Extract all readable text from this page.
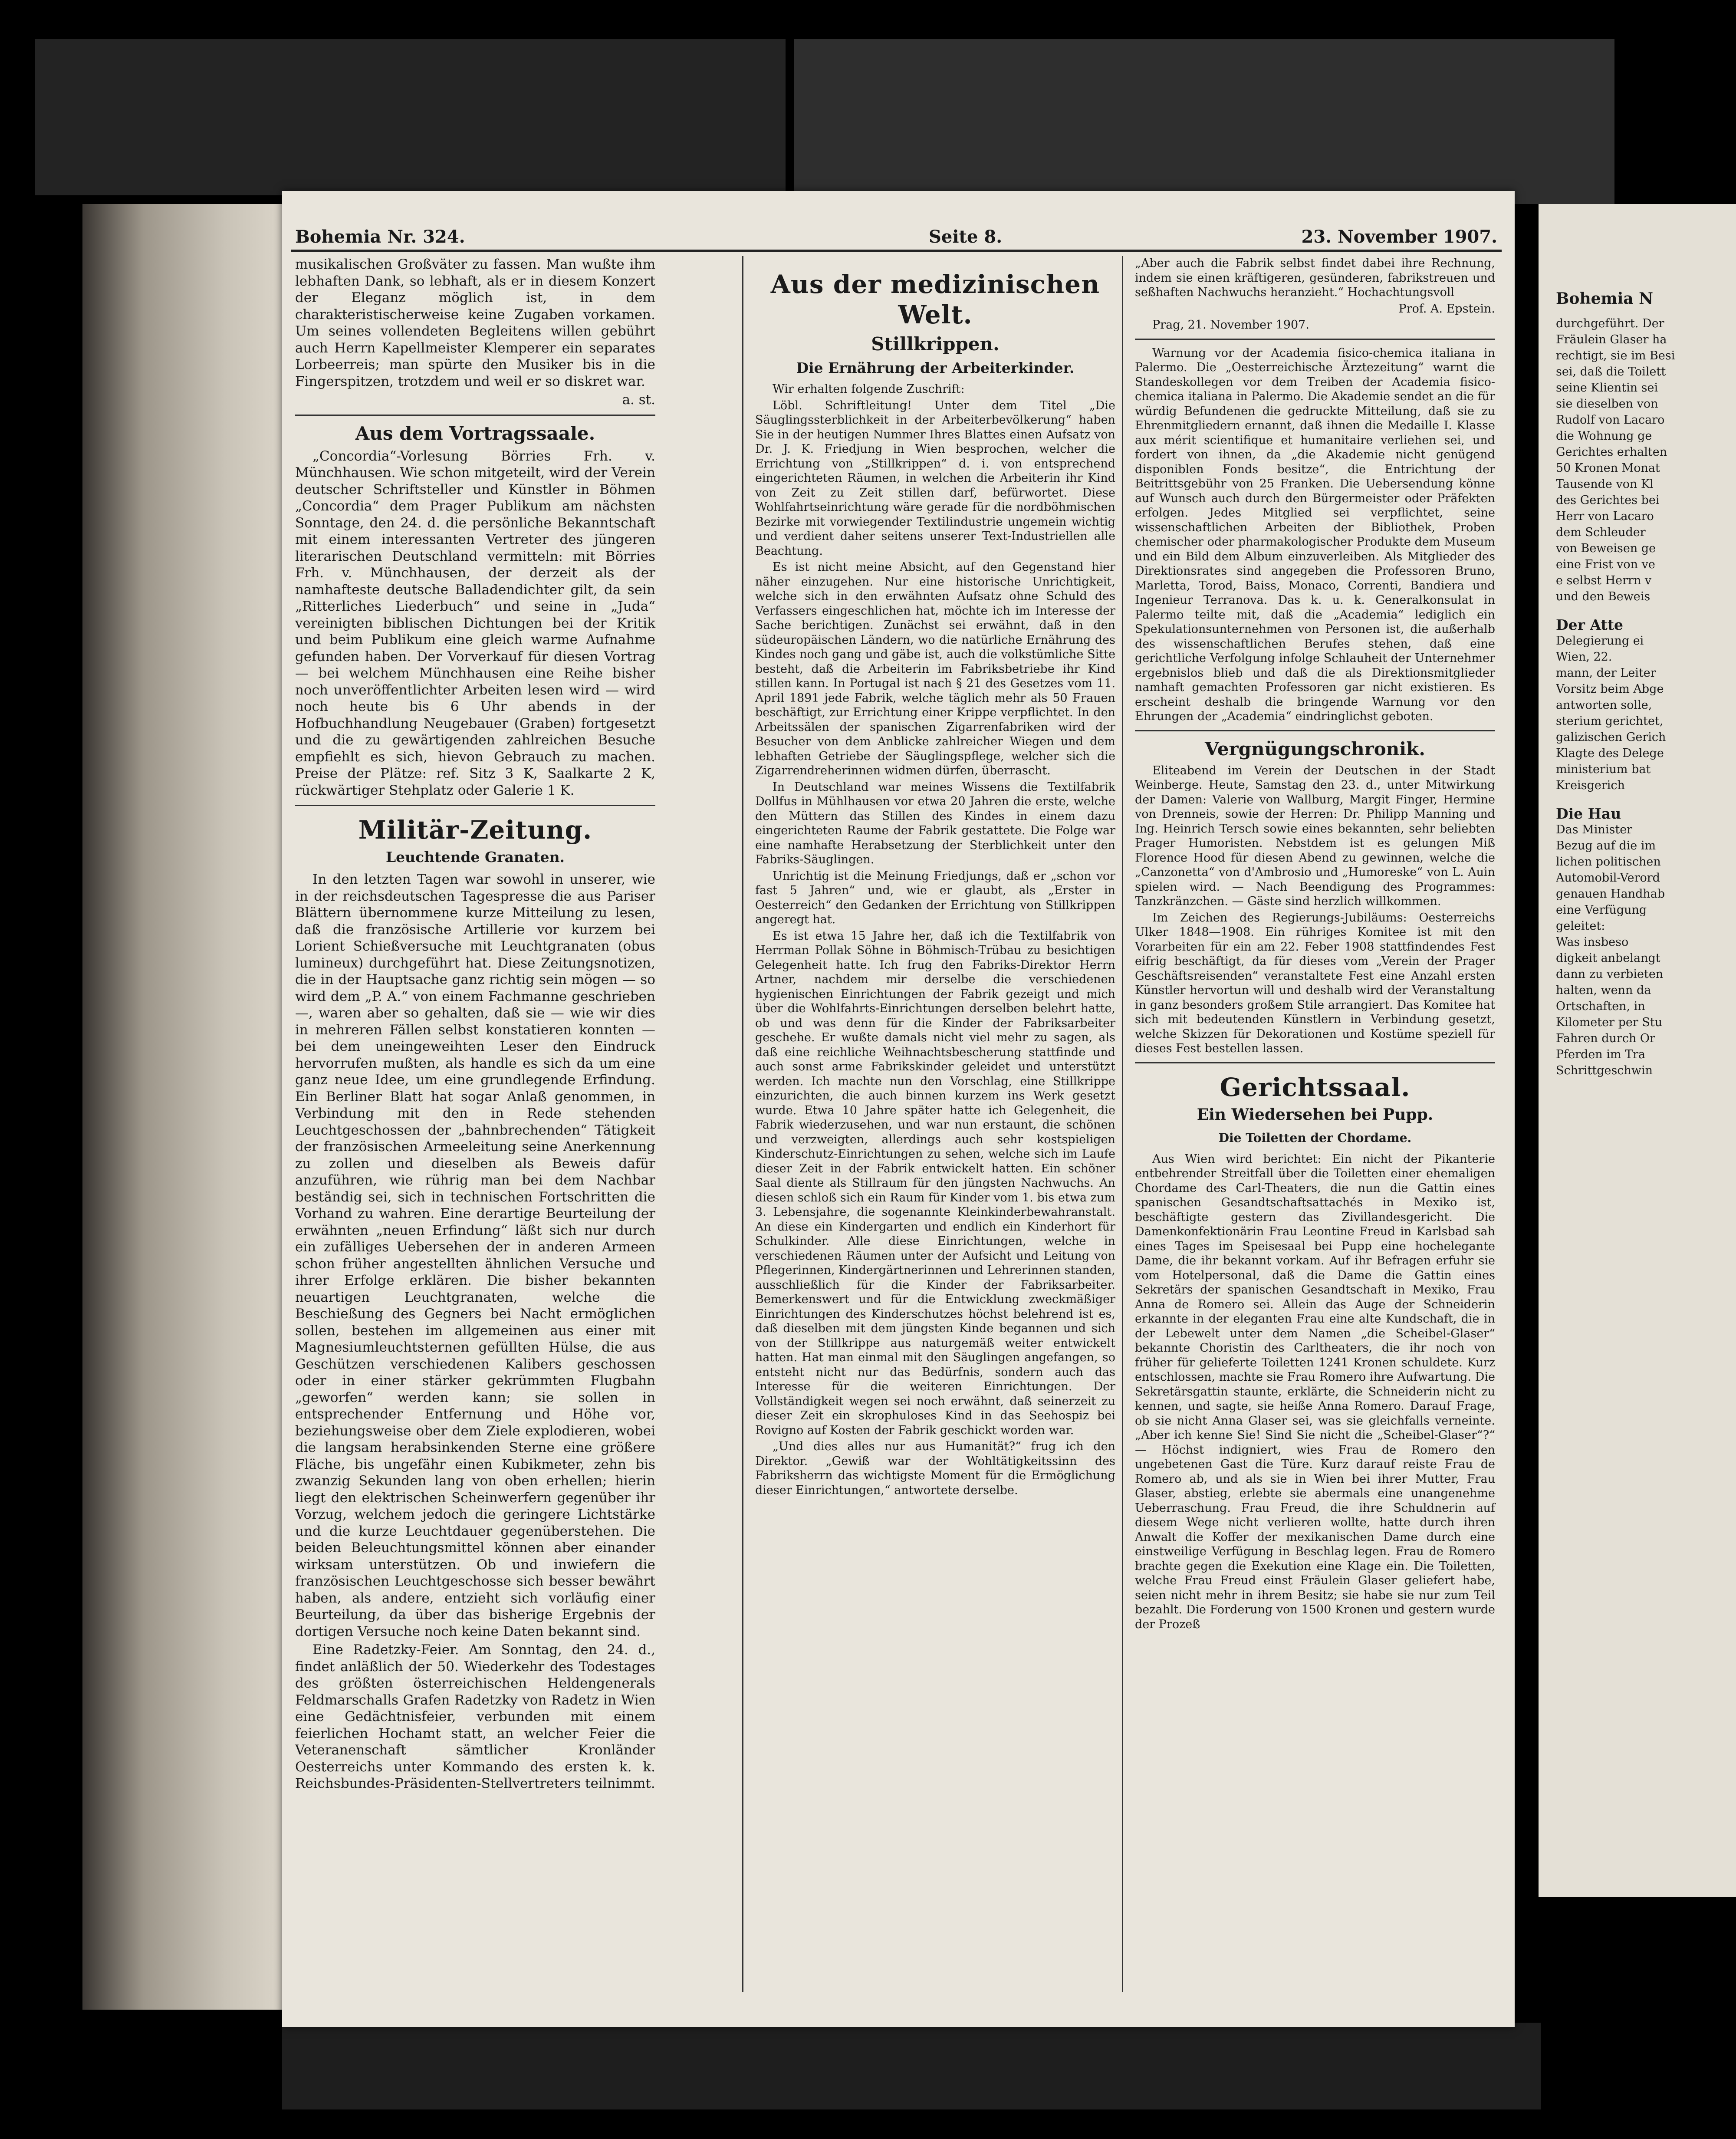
Bohemia N

durchgeführt. Der

Fräulein Glaser ha

rechtigt, sie im Besi

sei, daß die Toilett

seine Klientin sei

sie dieselben von

Rudolf von Lacaro

die Wohnung ge

Gerichtes erhalten

50 Kronen Monat

Tausende von Kl

des Gerichtes bei

Herr von Lacaro

dem Schleuder

von Beweisen ge

eine Frist von ve

e selbst Herrn v

und den Beweis

Der Atte

Delegierung ei

Wien, 22.

mann, der Leiter

Vorsitz beim Abge

antworten solle,

sterium gerichtet,

galizischen Gerich

Klagte des Delege

ministerium bat

Kreisgerich

Die Hau

Das Minister

Bezug auf die im

lichen politischen

Automobil-Verord

genauen Handhab

eine Verfügung

geleitet:

Was insbeso

digkeit anbelangt

dann zu verbieten

halten, wenn da

Ortschaften, in

Kilometer per Stu

Fahren durch Or

Pferden im Tra

Schrittgeschwin

Bohemia Nr. 324.	Seite 8.	23. November 1907.

musikalischen Großväter zu fassen. Man wußte ihm lebhaften Dank, so lebhaft, als er in diesem Konzert der Eleganz möglich ist, in dem charakteristischerweise keine Zugaben vorkamen. Um seines vollendeten Begleitens willen gebührt auch Herrn Kapellmeister Klemperer ein separates Lorbeerreis; man spürte den Musiker bis in die Fingerspitzen, trotzdem und weil er so diskret war.

a. st.

Aus dem Vortragssaale.

„Concordia“-Vorlesung Börries Frh. v. Münchhausen. Wie schon mitgeteilt, wird der Verein deutscher Schriftsteller und Künstler in Böhmen „Concordia“ dem Prager Publikum am nächsten Sonntage, den 24. d. die persönliche Bekanntschaft mit einem interessanten Vertreter des jüngeren literarischen Deutschland vermitteln: mit Börries Frh. v. Münchhausen, der derzeit als der namhafteste deutsche Balladendichter gilt, da sein „Ritterliches Liederbuch“ und seine in „Juda“ vereinigten biblischen Dichtungen bei der Kritik und beim Publikum eine gleich warme Aufnahme gefunden haben. Der Vorverkauf für diesen Vortrag — bei welchem Münchhausen eine Reihe bisher noch unveröffentlichter Arbeiten lesen wird — wird noch heute bis 6 Uhr abends in der Hofbuchhandlung Neugebauer (Graben) fortgesetzt und die zu gewärtigenden zahlreichen Besuche empfiehlt es sich, hievon Gebrauch zu machen. Preise der Plätze: ref. Sitz 3 K, Saalkarte 2 K, rückwärtiger Stehplatz oder Galerie 1 K.

Militär-Zeitung.
Leuchtende Granaten.

In den letzten Tagen war sowohl in unserer, wie in der reichsdeutschen Tagespresse die aus Pariser Blättern übernommene kurze Mitteilung zu lesen, daß die französische Artillerie vor kurzem bei Lorient Schießversuche mit Leuchtgranaten (obus lumineux) durchgeführt hat. Diese Zeitungsnotizen, die in der Hauptsache ganz richtig sein mögen — so wird dem „P. A.“ von einem Fachmanne geschrieben —, waren aber so gehalten, daß sie — wie wir dies in mehreren Fällen selbst konstatieren konnten — bei dem uneingeweihten Leser den Eindruck hervorrufen mußten, als handle es sich da um eine ganz neue Idee, um eine grundlegende Erfindung. Ein Berliner Blatt hat sogar Anlaß genommen, in Verbindung mit den in Rede stehenden Leuchtgeschossen der „bahnbrechenden“ Tätigkeit der französischen Armeeleitung seine Anerkennung zu zollen und dieselben als Beweis dafür anzuführen, wie rührig man bei dem Nachbar beständig sei, sich in technischen Fortschritten die Vorhand zu wahren. Eine derartige Beurteilung der erwähnten „neuen Erfindung“ läßt sich nur durch ein zufälliges Uebersehen der in anderen Armeen schon früher angestellten ähnlichen Versuche und ihrer Erfolge erklären. Die bisher bekannten neuartigen Leuchtgranaten, welche die Beschießung des Gegners bei Nacht ermöglichen sollen, bestehen im allgemeinen aus einer mit Magnesiumleuchtsternen gefüllten Hülse, die aus Geschützen verschiedenen Kalibers geschossen oder in einer stärker gekrümmten Flugbahn „geworfen“ werden kann; sie sollen in entsprechender Entfernung und Höhe vor, beziehungsweise ober dem Ziele explodieren, wobei die langsam herabsinkenden Sterne eine größere Fläche, bis ungefähr einen Kubikmeter, zehn bis zwanzig Sekunden lang von oben erhellen; hierin liegt den elektrischen Scheinwerfern gegenüber ihr Vorzug, welchem jedoch die geringere Lichtstärke und die kurze Leuchtdauer gegenüberstehen. Die beiden Beleuchtungsmittel können aber einander wirksam unterstützen. Ob und inwiefern die französischen Leuchtgeschosse sich besser bewährt haben, als andere, entzieht sich vorläufig einer Beurteilung, da über das bisherige Ergebnis der dortigen Versuche noch keine Daten bekannt sind.

Eine Radetzky-Feier. Am Sonntag, den 24. d., findet anläßlich der 50. Wiederkehr des Todestages des größten österreichischen Heldengenerals Feldmarschalls Grafen Radetzky von Radetz in Wien eine Gedächtnisfeier, verbunden mit einem feierlichen Hochamt statt, an welcher Feier die Veteranenschaft sämtlicher Kronländer Oesterreichs unter Kommando des ersten k. k. Reichsbundes-Präsidenten-Stellvertreters teilnimmt.

Aus der medizinischen Welt.
Stillkrippen.
Die Ernährung der Arbeiterkinder.

Wir erhalten folgende Zuschrift:

Löbl. Schriftleitung! Unter dem Titel „Die Säuglingssterblichkeit in der Arbeiterbevölkerung“ haben Sie in der heutigen Nummer Ihres Blattes einen Aufsatz von Dr. J. K. Friedjung in Wien besprochen, welcher die Errichtung von „Stillkrippen“ d. i. von entsprechend eingerichteten Räumen, in welchen die Arbeiterin ihr Kind von Zeit zu Zeit stillen darf, befürwortet. Diese Wohlfahrtseinrichtung wäre gerade für die nordböhmischen Bezirke mit vorwiegender Textilindustrie ungemein wichtig und verdient daher seitens unserer Text-Industriellen alle Beachtung.

Es ist nicht meine Absicht, auf den Gegenstand hier näher einzugehen. Nur eine historische Unrichtigkeit, welche sich in den erwähnten Aufsatz ohne Schuld des Verfassers eingeschlichen hat, möchte ich im Interesse der Sache berichtigen. Zunächst sei erwähnt, daß in den südeuropäischen Ländern, wo die natürliche Ernährung des Kindes noch gang und gäbe ist, auch die volkstümliche Sitte besteht, daß die Arbeiterin im Fabriksbetriebe ihr Kind stillen kann. In Portugal ist nach § 21 des Gesetzes vom 11. April 1891 jede Fabrik, welche täglich mehr als 50 Frauen beschäftigt, zur Errichtung einer Krippe verpflichtet. In den Arbeitssälen der spanischen Zigarrenfabriken wird der Besucher von dem Anblicke zahlreicher Wiegen und dem lebhaften Getriebe der Säuglingspflege, welcher sich die Zigarrendreherinnen widmen dürfen, überrascht.

In Deutschland war meines Wissens die Textilfabrik Dollfus in Mühlhausen vor etwa 20 Jahren die erste, welche den Müttern das Stillen des Kindes in einem dazu eingerichteten Raume der Fabrik gestattete. Die Folge war eine namhafte Herabsetzung der Sterblichkeit unter den Fabriks-Säuglingen.

Unrichtig ist die Meinung Friedjungs, daß er „schon vor fast 5 Jahren“ und, wie er glaubt, als „Erster in Oesterreich“ den Gedanken der Errichtung von Stillkrippen angeregt hat.

Es ist etwa 15 Jahre her, daß ich die Textilfabrik von Herrman Pollak Söhne in Böhmisch-Trübau zu besichtigen Gelegenheit hatte. Ich frug den Fabriks-Direktor Herrn Artner, nachdem mir derselbe die verschiedenen hygienischen Einrichtungen der Fabrik gezeigt und mich über die Wohlfahrts-Einrichtungen derselben belehrt hatte, ob und was denn für die Kinder der Fabriksarbeiter geschehe. Er wußte damals nicht viel mehr zu sagen, als daß eine reichliche Weihnachtsbescherung stattfinde und auch sonst arme Fabrikskinder geleidet und unterstützt werden. Ich machte nun den Vorschlag, eine Stillkrippe einzurichten, die auch binnen kurzem ins Werk gesetzt wurde. Etwa 10 Jahre später hatte ich Gelegenheit, die Fabrik wiederzusehen, und war nun erstaunt, die schönen und verzweigten, allerdings auch sehr kostspieligen Kinderschutz-Einrichtungen zu sehen, welche sich im Laufe dieser Zeit in der Fabrik entwickelt hatten. Ein schöner Saal diente als Stillraum für den jüngsten Nachwuchs. An diesen schloß sich ein Raum für Kinder vom 1. bis etwa zum 3. Lebensjahre, die sogenannte Kleinkinderbewahranstalt. An diese ein Kindergarten und endlich ein Kinderhort für Schulkinder. Alle diese Einrichtungen, welche in verschiedenen Räumen unter der Aufsicht und Leitung von Pflegerinnen, Kindergärtnerinnen und Lehrerinnen standen, ausschließlich für die Kinder der Fabriksarbeiter. Bemerkenswert und für die Entwicklung zweckmäßiger Einrichtungen des Kinderschutzes höchst belehrend ist es, daß dieselben mit dem jüngsten Kinde begannen und sich von der Stillkrippe aus naturgemäß weiter entwickelt hatten. Hat man einmal mit den Säuglingen angefangen, so entsteht nicht nur das Bedürfnis, sondern auch das Interesse für die weiteren Einrichtungen. Der Vollständigkeit wegen sei noch erwähnt, daß seinerzeit zu dieser Zeit ein skrophuloses Kind in das Seehospiz bei Rovigno auf Kosten der Fabrik geschickt worden war.

„Und dies alles nur aus Humanität?“ frug ich den Direktor. „Gewiß war der Wohltätigkeitssinn des Fabriksherrn das wichtigste Moment für die Ermöglichung dieser Einrichtungen,“ antwortete derselbe.

„Aber auch die Fabrik selbst findet dabei ihre Rechnung, indem sie einen kräftigeren, gesünderen, fabrikstreuen und seßhaften Nachwuchs heranzieht.“ Hochachtungsvoll

Prof. A. Epstein.

Prag, 21. November 1907.

Warnung vor der Academia fisico-chemica italiana in Palermo. Die „Oesterreichische Ärztezeitung“ warnt die Standeskollegen vor dem Treiben der Academia fisico-chemica italiana in Palermo. Die Akademie sendet an die für würdig Befundenen die gedruckte Mitteilung, daß sie zu Ehrenmitgliedern ernannt, daß ihnen die Medaille I. Klasse aux mérit scientifique et humanitaire verliehen sei, und fordert von ihnen, da „die Akademie nicht genügend disponiblen Fonds besitze“, die Entrichtung der Beitrittsgebühr von 25 Franken. Die Uebersendung könne auf Wunsch auch durch den Bürgermeister oder Präfekten erfolgen. Jedes Mitglied sei verpflichtet, seine wissenschaftlichen Arbeiten der Bibliothek, Proben chemischer oder pharmakologischer Produkte dem Museum und ein Bild dem Album einzuverleiben. Als Mitglieder des Direktionsrates sind angegeben die Professoren Bruno, Marletta, Torod, Baiss, Monaco, Correnti, Bandiera und Ingenieur Terranova. Das k. u. k. Generalkonsulat in Palermo teilte mit, daß die „Academia“ lediglich ein Spekulationsunternehmen von Personen ist, die außerhalb des wissenschaftlichen Berufes stehen, daß eine gerichtliche Verfolgung infolge Schlauheit der Unternehmer ergebnislos blieb und daß die als Direktionsmitglieder namhaft gemachten Professoren gar nicht existieren. Es erscheint deshalb die bringende Warnung vor den Ehrungen der „Academia“ eindringlichst geboten.

Vergnügungschronik.

Eliteabend im Verein der Deutschen in der Stadt Weinberge. Heute, Samstag den 23. d., unter Mitwirkung der Damen: Valerie von Wallburg, Margit Finger, Hermine von Drenneis, sowie der Herren: Dr. Philipp Manning und Ing. Heinrich Tersch sowie eines bekannten, sehr beliebten Prager Humoristen. Nebstdem ist es gelungen Miß Florence Hood für diesen Abend zu gewinnen, welche die „Canzonetta“ von d'Ambrosio und „Humoreske“ von L. Auin spielen wird. — Nach Beendigung des Programmes: Tanzkränzchen. — Gäste sind herzlich willkommen.

Im Zeichen des Regierungs-Jubiläums: Oesterreichs Ulker 1848—1908. Ein rühriges Komitee ist mit den Vorarbeiten für ein am 22. Feber 1908 stattfindendes Fest eifrig beschäftigt, da für dieses vom „Verein der Prager Geschäftsreisenden“ veranstaltete Fest eine Anzahl ersten Künstler hervortun will und deshalb wird der Veranstaltung in ganz besonders großem Stile arrangiert. Das Komitee hat sich mit bedeutenden Künstlern in Verbindung gesetzt, welche Skizzen für Dekorationen und Kostüme speziell für dieses Fest bestellen lassen.

Gerichtssaal.
Ein Wiedersehen bei Pupp.
Die Toiletten der Chordame.

Aus Wien wird berichtet: Ein nicht der Pikanterie entbehrender Streitfall über die Toiletten einer ehemaligen Chordame des Carl-Theaters, die nun die Gattin eines spanischen Gesandtschaftsattachés in Mexiko ist, beschäftigte gestern das Zivillandesgericht. Die Damenkonfektionärin Frau Leontine Freud in Karlsbad sah eines Tages im Speisesaal bei Pupp eine hochelegante Dame, die ihr bekannt vorkam. Auf ihr Befragen erfuhr sie vom Hotelpersonal, daß die Dame die Gattin eines Sekretärs der spanischen Gesandtschaft in Mexiko, Frau Anna de Romero sei. Allein das Auge der Schneiderin erkannte in der eleganten Frau eine alte Kundschaft, die in der Lebewelt unter dem Namen „die Scheibel-Glaser“ bekannte Choristin des Carltheaters, die ihr noch von früher für gelieferte Toiletten 1241 Kronen schuldete. Kurz entschlossen, machte sie Frau Romero ihre Aufwartung. Die Sekretärsgattin staunte, erklärte, die Schneiderin nicht zu kennen, und sagte, sie heiße Anna Romero. Darauf Frage, ob sie nicht Anna Glaser sei, was sie gleichfalls verneinte. „Aber ich kenne Sie! Sind Sie nicht die „Scheibel-Glaser“?“ — Höchst indigniert, wies Frau de Romero den ungebetenen Gast die Türe. Kurz darauf reiste Frau de Romero ab, und als sie in Wien bei ihrer Mutter, Frau Glaser, abstieg, erlebte sie abermals eine unangenehme Ueberraschung. Frau Freud, die ihre Schuldnerin auf diesem Wege nicht verlieren wollte, hatte durch ihren Anwalt die Koffer der mexikanischen Dame durch eine einstweilige Verfügung in Beschlag legen. Frau de Romero brachte gegen die Exekution eine Klage ein. Die Toiletten, welche Frau Freud einst Fräulein Glaser geliefert habe, seien nicht mehr in ihrem Besitz; sie habe sie nur zum Teil bezahlt. Die Forderung von 1500 Kronen und gestern wurde der Prozeß
